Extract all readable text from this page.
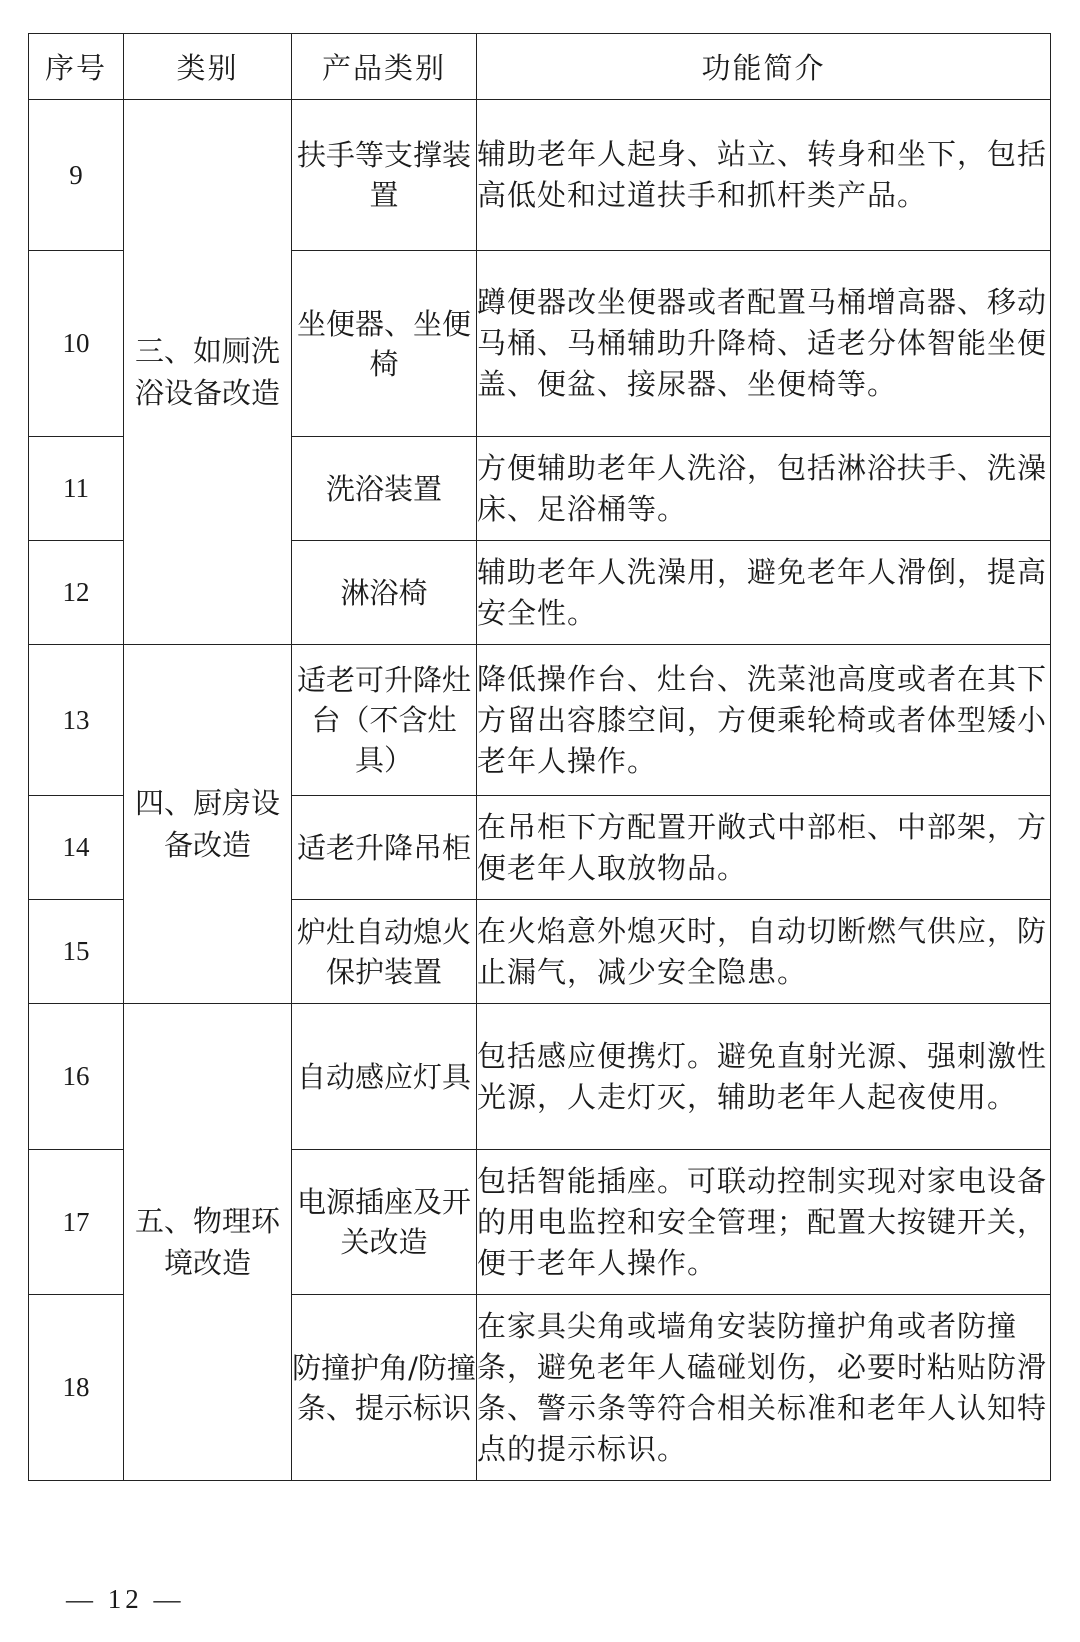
序号	类别	产品类别	功能简介
9	三、如厕洗浴设备改造	扶手等支撑装置	辅助老年人起身、站立、转身和坐下，包括高低处和过道扶手和抓杆类产品。
10		坐便器、坐便椅	蹲便器改坐便器或者配置马桶增高器、移动马桶、马桶辅助升降椅、适老分体智能坐便盖、便盆、接尿器、坐便椅等。
11		洗浴装置	方便辅助老年人洗浴，包括淋浴扶手、洗澡床、足浴桶等。
12		淋浴椅	辅助老年人洗澡用，避免老年人滑倒，提高安全性。
13	四、厨房设备改造	适老可升降灶台（不含灶具）	降低操作台、灶台、洗菜池高度或者在其下方留出容膝空间，方便乘轮椅或者体型矮小老年人操作。
14		适老升降吊柜	在吊柜下方配置开敞式中部柜、中部架，方便老年人取放物品。
15		炉灶自动熄火保护装置	在火焰意外熄灭时，自动切断燃气供应，防止漏气，减少安全隐患。
16	五、物理环境改造	自动感应灯具	包括感应便携灯。避免直射光源、强刺激性光源，人走灯灭，辅助老年人起夜使用。
17		电源插座及开关改造	包括智能插座。可联动控制实现对家电设备的用电监控和安全管理；配置大按键开关，便于老年人操作。
18		防撞护角/防撞条、提示标识	在家具尖角或墙角安装防撞护角或者防撞条，避免老年人磕碰划伤，必要时粘贴防滑条、警示条等符合相关标准和老年人认知特点的提示标识。
— 12 —
